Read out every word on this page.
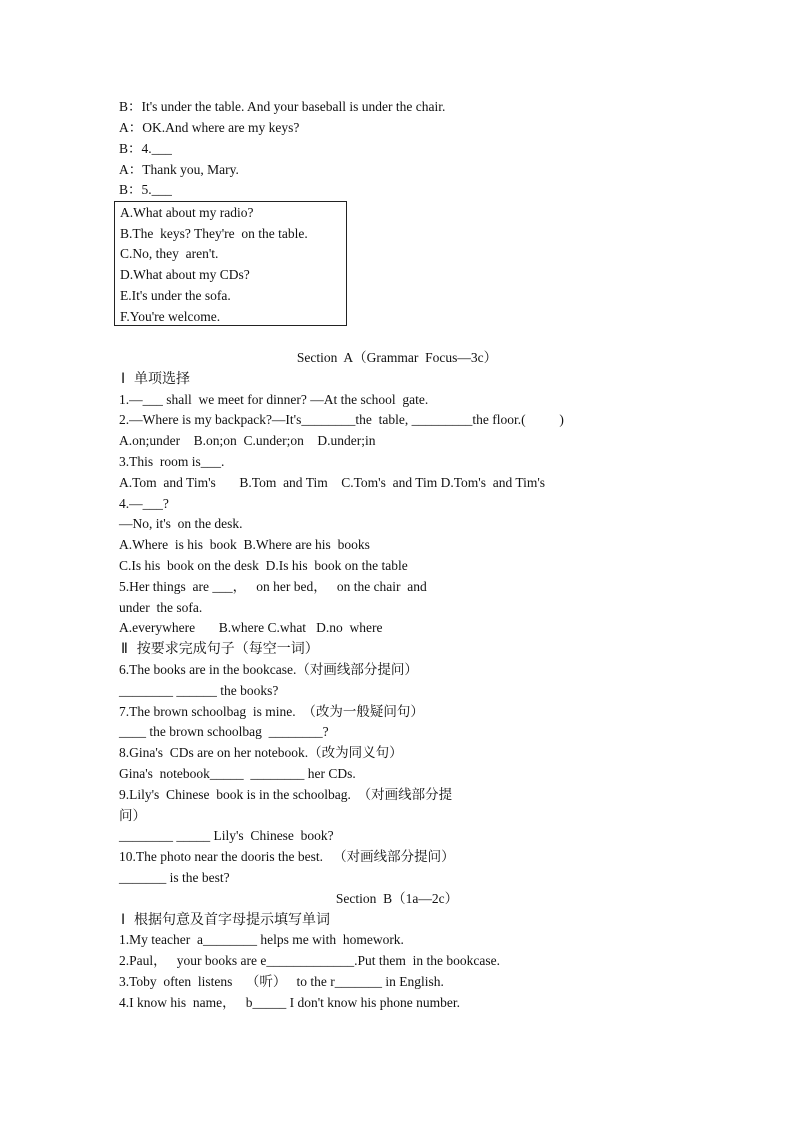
B：It's under the table. And your baseball is under the chair.
A：OK.And where are my keys?
B：4.___
A：Thank you, Mary.
B：5.___
A.What about my radio?
B.The  keys? They're  on the table.
C.No, they  aren't.
D.What about my CDs?
E.It's under the sofa.
F.You're welcome.
Section  A（Grammar  Focus—3c）
Ⅰ  单项选择
1.—___ shall  we meet for dinner? —At the school  gate.
2.—Where is my backpack?—It's________the  table, _________the floor.(          )
A.on;under    B.on;on  C.under;on    D.under;in
3.This  room is___.
A.Tom  and Tim's       B.Tom  and Tim    C.Tom's  and Tim D.Tom's  and Tim's
4.—___?
—No, it's  on the desk.
A.Where  is his  book  B.Where are his  books
C.Is his  book on the desk  D.Is his  book on the table
5.Her things  are ___，   on her bed，   on the chair  and
under  the sofa.
A.everywhere       B.where C.what   D.no  where
Ⅱ  按要求完成句子（每空一词）
6.The books are in the bookcase.（对画线部分提问）
________ ______ the books?
7.The brown schoolbag  is mine.  （改为一般疑问句）
____ the brown schoolbag  ________?
8.Gina's  CDs are on her notebook.（改为同义句）
Gina's  notebook_____  ________ her CDs.
9.Lily's  Chinese  book is in the schoolbag.  （对画线部分提
问）
________ _____ Lily's  Chinese  book?
10.The photo near the dooris the best.   （对画线部分提问）
_______ is the best?
Section  B（1a—2c）
Ⅰ  根据句意及首字母提示填写单词
1.My teacher  a________ helps me with  homework.
2.Paul，   your books are e_____________.Put them  in the bookcase.
3.Toby  often  listens    （听）   to the r_______ in English.
4.I know his  name，   b_____ I don't know his phone number.
